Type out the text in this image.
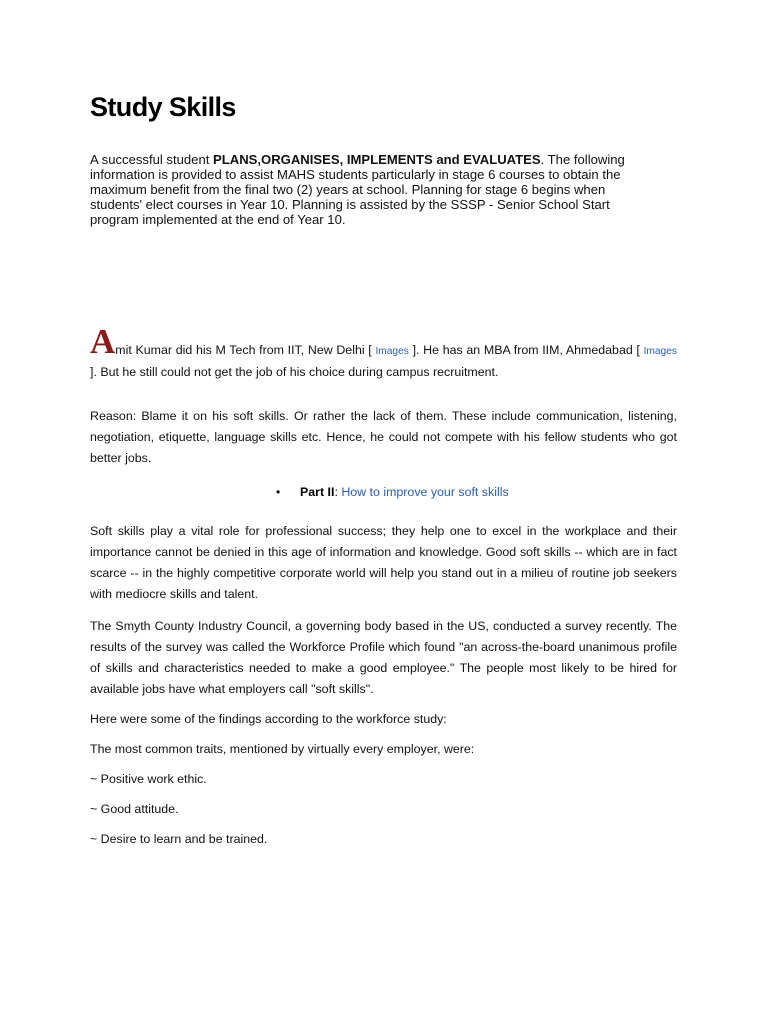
Study Skills

A successful student PLANS,ORGANISES, IMPLEMENTS and EVALUATES. The following information is provided to assist MAHS students particularly in stage 6 courses to obtain the maximum benefit from the final two (2) years at school. Planning for stage 6 begins when students' elect courses in Year 10. Planning is assisted by the SSSP - Senior School Start program implemented at the end of Year 10.

Amit Kumar did his M Tech from IIT, New Delhi [ Images ]. He has an MBA from IIM, Ahmedabad [ Images ]. But he still could not get the job of his choice during campus recruitment.

Reason: Blame it on his soft skills. Or rather the lack of them. These include communication, listening, negotiation, etiquette, language skills etc. Hence, he could not compete with his fellow students who got better jobs.

• Part II: How to improve your soft skills

Soft skills play a vital role for professional success; they help one to excel in the workplace and their importance cannot be denied in this age of information and knowledge. Good soft skills -- which are in fact scarce -- in the highly competitive corporate world will help you stand out in a milieu of routine job seekers with mediocre skills and talent.

The Smyth County Industry Council, a governing body based in the US, conducted a survey recently. The results of the survey was called the Workforce Profile which found "an across-the-board unanimous profile of skills and characteristics needed to make a good employee." The people most likely to be hired for available jobs have what employers call "soft skills".

Here were some of the findings according to the workforce study:

The most common traits, mentioned by virtually every employer, were:

~ Positive work ethic.

~ Good attitude.

~ Desire to learn and be trained.
